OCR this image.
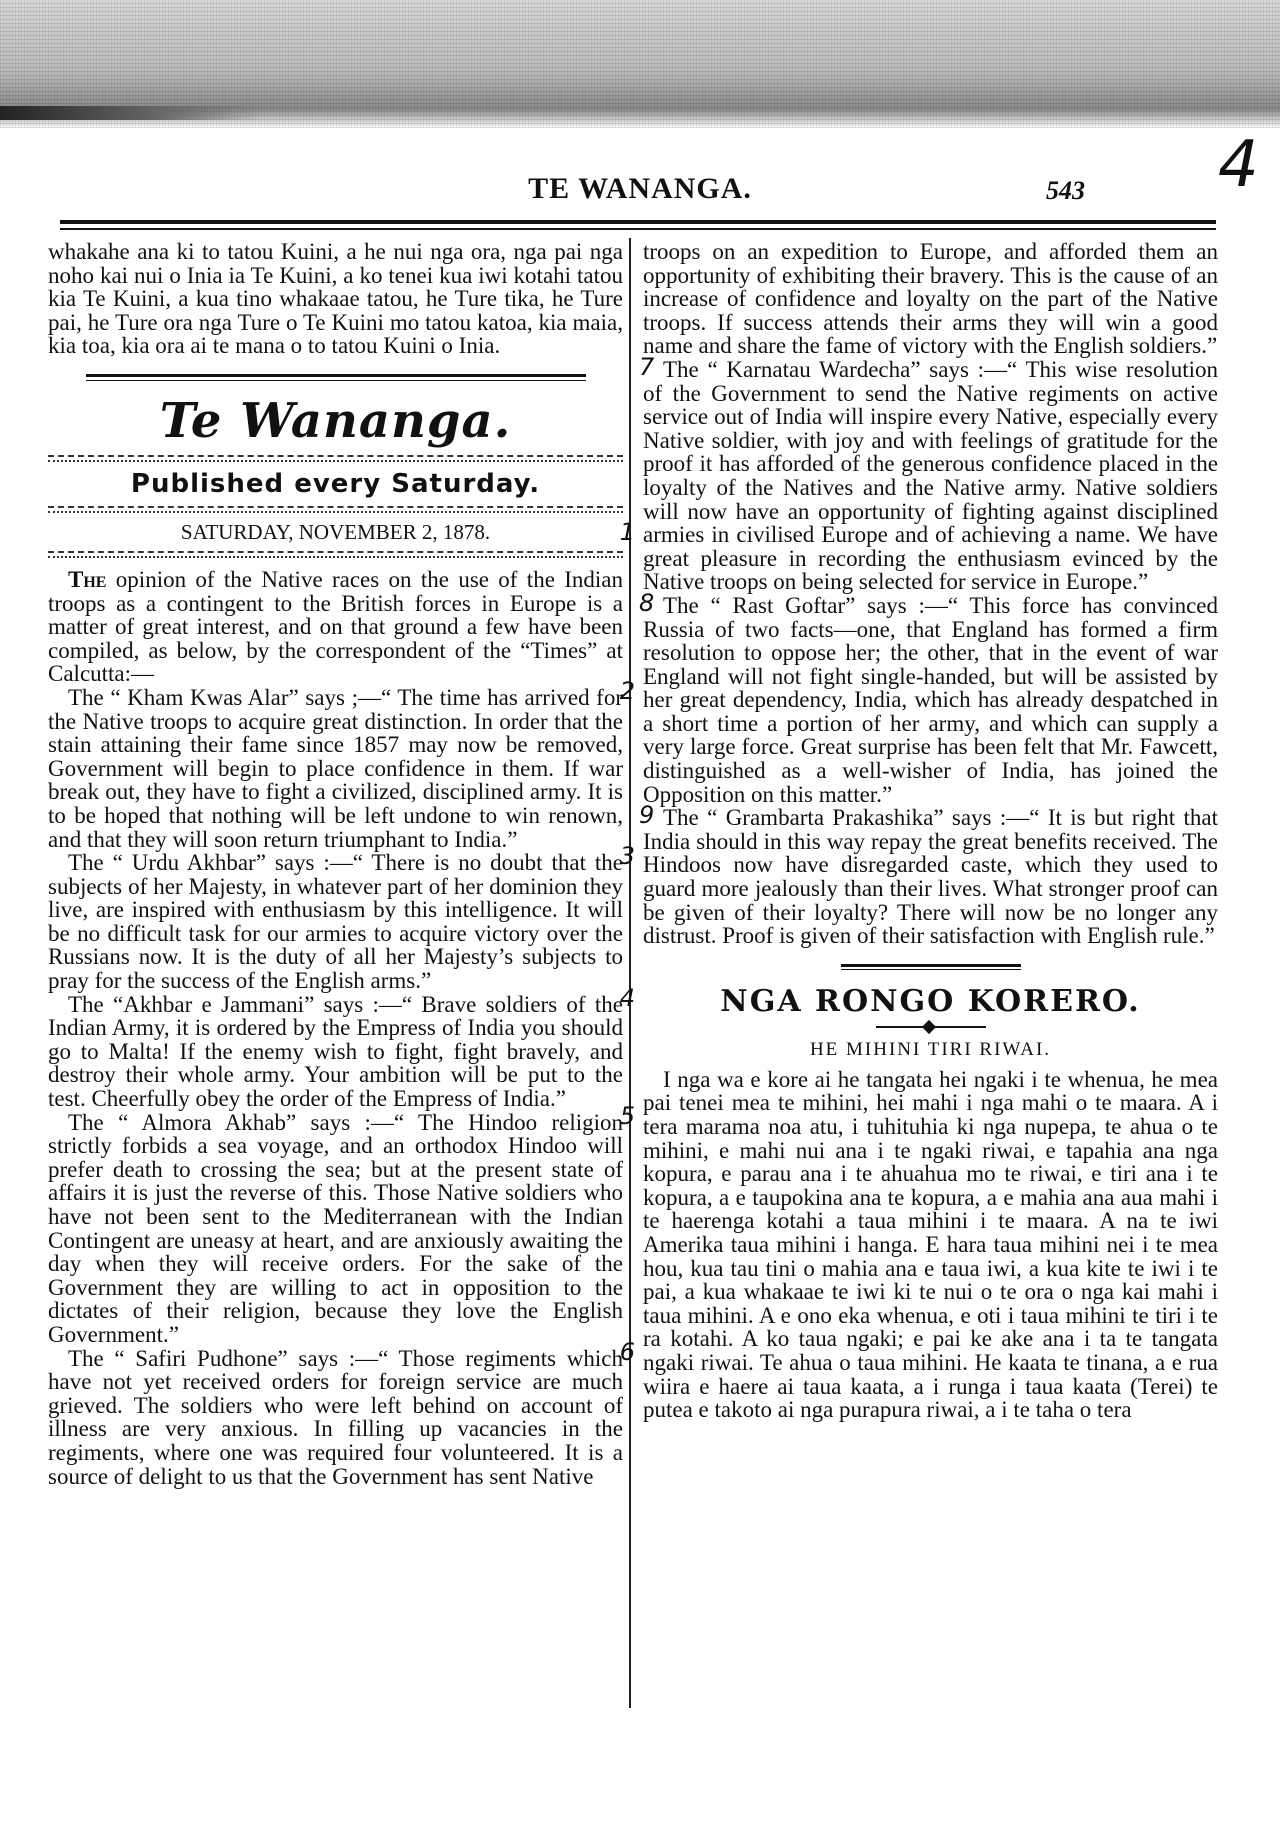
4
TE WANANGA.	543

whakahe ana ki to tatou Kuini, a he nui nga ora, nga pai nga noho kai nui o Inia ia Te Kuini, a ko tenei kua iwi kotahi tatou kia Te Kuini, a kua tino whakaae tatou, he Ture tika, he Ture pai, he Ture ora nga Ture o Te Kuini mo tatou katoa, kia maia, kia toa, kia ora ai te mana o to tatou Kuini o Inia.

Te Wananga.
Published every Saturday.
SATURDAY, NOVEMBER 2, 1878.	1

The opinion of the Native races on the use of the Indian troops as a contingent to the British forces in Europe is a matter of great interest, and on that ground a few have been compiled, as below, by the correspondent of the “Times” at Calcutta:—

The “ Kham Kwas Alar” says ;—“ The time has arrived for the Native troops to acquire great distinction. In order that the stain attaining their fame since 1857 may now be removed, Government will begin to place confidence in them. If war break out, they have to fight a civilized, disciplined army. It is to be hoped that nothing will be left undone to win renown, and that they will soon return triumphant to India.”
2

The “ Urdu Akhbar” says :—“ There is no doubt that the subjects of her Majesty, in whatever part of her dominion they live, are inspired with enthusiasm by this intelligence. It will be no difficult task for our armies to acquire victory over the Russians now. It is the duty of all her Majesty’s subjects to pray for the success of the English arms.”
3

The “Akhbar e Jammani” says :—“ Brave soldiers of the Indian Army, it is ordered by the Empress of India you should go to Malta! If the enemy wish to fight, fight bravely, and destroy their whole army. Your ambition will be put to the test. Cheerfully obey the order of the Empress of India.”
4

The “ Almora Akhab” says :—“ The Hindoo religion strictly forbids a sea voyage, and an orthodox Hindoo will prefer death to crossing the sea; but at the present state of affairs it is just the reverse of this. Those Native soldiers who have not been sent to the Mediterranean with the Indian Contingent are uneasy at heart, and are anxiously awaiting the day when they will receive orders. For the sake of the Government they are willing to act in opposition to the dictates of their religion, because they love the English Government.”
5

The “ Safiri Pudhone” says :—“ Those regiments which have not yet received orders for foreign service are much grieved. The soldiers who were left behind on account of illness are very anxious. In filling up vacancies in the regiments, where one was required four volunteered. It is a source of delight to us that the Government has sent Native
6

troops on an expedition to Europe, and afforded them an opportunity of exhibiting their bravery. This is the cause of an increase of confidence and loyalty on the part of the Native troops. If success attends their arms they will win a good name and share the fame of victory with the English soldiers.”

7 The “ Karnatau Wardecha” says :—“ This wise resolution of the Government to send the Native regiments on active service out of India will inspire every Native, especially every Native soldier, with joy and with feelings of gratitude for the proof it has afforded of the generous confidence placed in the loyalty of the Natives and the Native army. Native soldiers will now have an opportunity of fighting against disciplined armies in civilised Europe and of achieving a name. We have great pleasure in recording the enthusiasm evinced by the Native troops on being selected for service in Europe.”

8 The “ Rast Goftar” says :—“ This force has convinced Russia of two facts—one, that England has formed a firm resolution to oppose her; the other, that in the event of war England will not fight single-handed, but will be assisted by her great dependency, India, which has already despatched in a short time a portion of her army, and which can supply a very large force. Great surprise has been felt that Mr. Fawcett, distinguished as a well-wisher of India, has joined the Opposition on this matter.”

9 The “ Grambarta Prakashika” says :—“ It is but right that India should in this way repay the great benefits received. The Hindoos now have disregarded caste, which they used to guard more jealously than their lives. What stronger proof can be given of their loyalty? There will now be no longer any distrust. Proof is given of their satisfaction with English rule.”

NGA RONGO KORERO.
HE MIHINI TIRI RIWAI.

I nga wa e kore ai he tangata hei ngaki i te whenua, he mea pai tenei mea te mihini, hei mahi i nga mahi o te maara. A i tera marama noa atu, i tuhituhia ki nga nupepa, te ahua o te mihini, e mahi nui ana i te ngaki riwai, e tapahia ana nga kopura, e parau ana i te ahuahua mo te riwai, e tiri ana i te kopura, a e taupokina ana te kopura, a e mahia ana aua mahi i te haerenga kotahi a taua mihini i te maara. A na te iwi Amerika taua mihini i hanga. E hara taua mihini nei i te mea hou, kua tau tini o mahia ana e taua iwi, a kua kite te iwi i te pai, a kua whakaae te iwi ki te nui o te ora o nga kai mahi i taua mihini. A e ono eka whenua, e oti i taua mihini te tiri i te ra kotahi. A ko taua ngaki; e pai ke ake ana i ta te tangata ngaki riwai. Te ahua o taua mihini. He kaata te tinana, a e rua wiira e haere ai taua kaata, a i runga i taua kaata (Terei) te putea e takoto ai nga purapura riwai, a i te taha o tera
